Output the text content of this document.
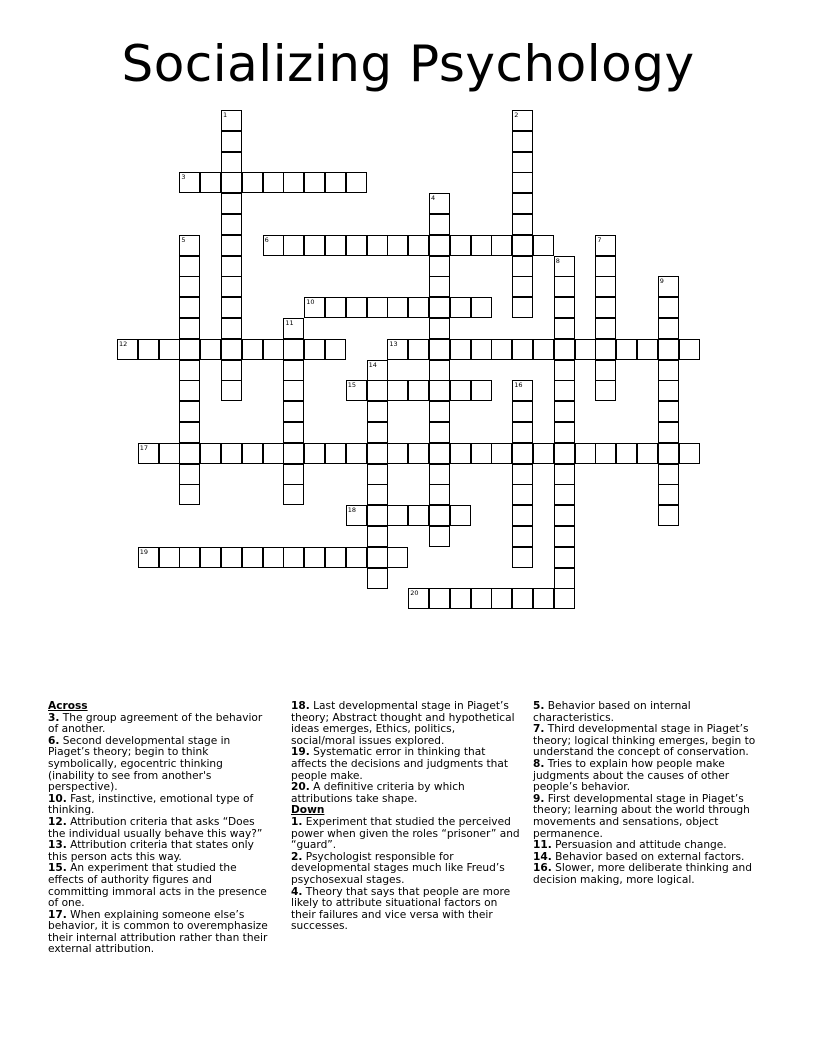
Socializing Psychology
3
6
10
12	13
15
17
18
19
20
1	2
4
5	7
8
9
11
14
16

Across

3. The group agreement of the behavior of another.

6. Second developmental stage in Piaget’s theory; begin to think symbolically, egocentric thinking (inability to see from another's perspective).

10. Fast, instinctive, emotional type of thinking.

12. Attribution criteria that asks “Does the individual usually behave this way?”

13. Attribution criteria that states only this person acts this way.

15. An experiment that studied the effects of authority figures and committing immoral acts in the presence of one.

17. When explaining someone else’s behavior, it is common to overemphasize their internal attribution rather than their external attribution.

18. Last developmental stage in Piaget’s theory; Abstract thought and hypothetical ideas emerges, Ethics, politics, social/moral issues explored.

19. Systematic error in thinking that affects the decisions and judgments that people make.

20. A definitive criteria by which attributions take shape.

Down

1. Experiment that studied the perceived power when given the roles “prisoner” and “guard”.

2. Psychologist responsible for developmental stages much like Freud’s psychosexual stages.

4. Theory that says that people are more likely to attribute situational factors on their failures and vice versa with their successes.

5. Behavior based on internal characteristics.

7. Third developmental stage in Piaget’s theory; logical thinking emerges, begin to understand the concept of conservation.

8. Tries to explain how people make judgments about the causes of other people’s behavior.

9. First developmental stage in Piaget’s theory; learning about the world through movements and sensations, object permanence.

11. Persuasion and attitude change.

14. Behavior based on external factors.

16. Slower, more deliberate thinking and decision making, more logical.
